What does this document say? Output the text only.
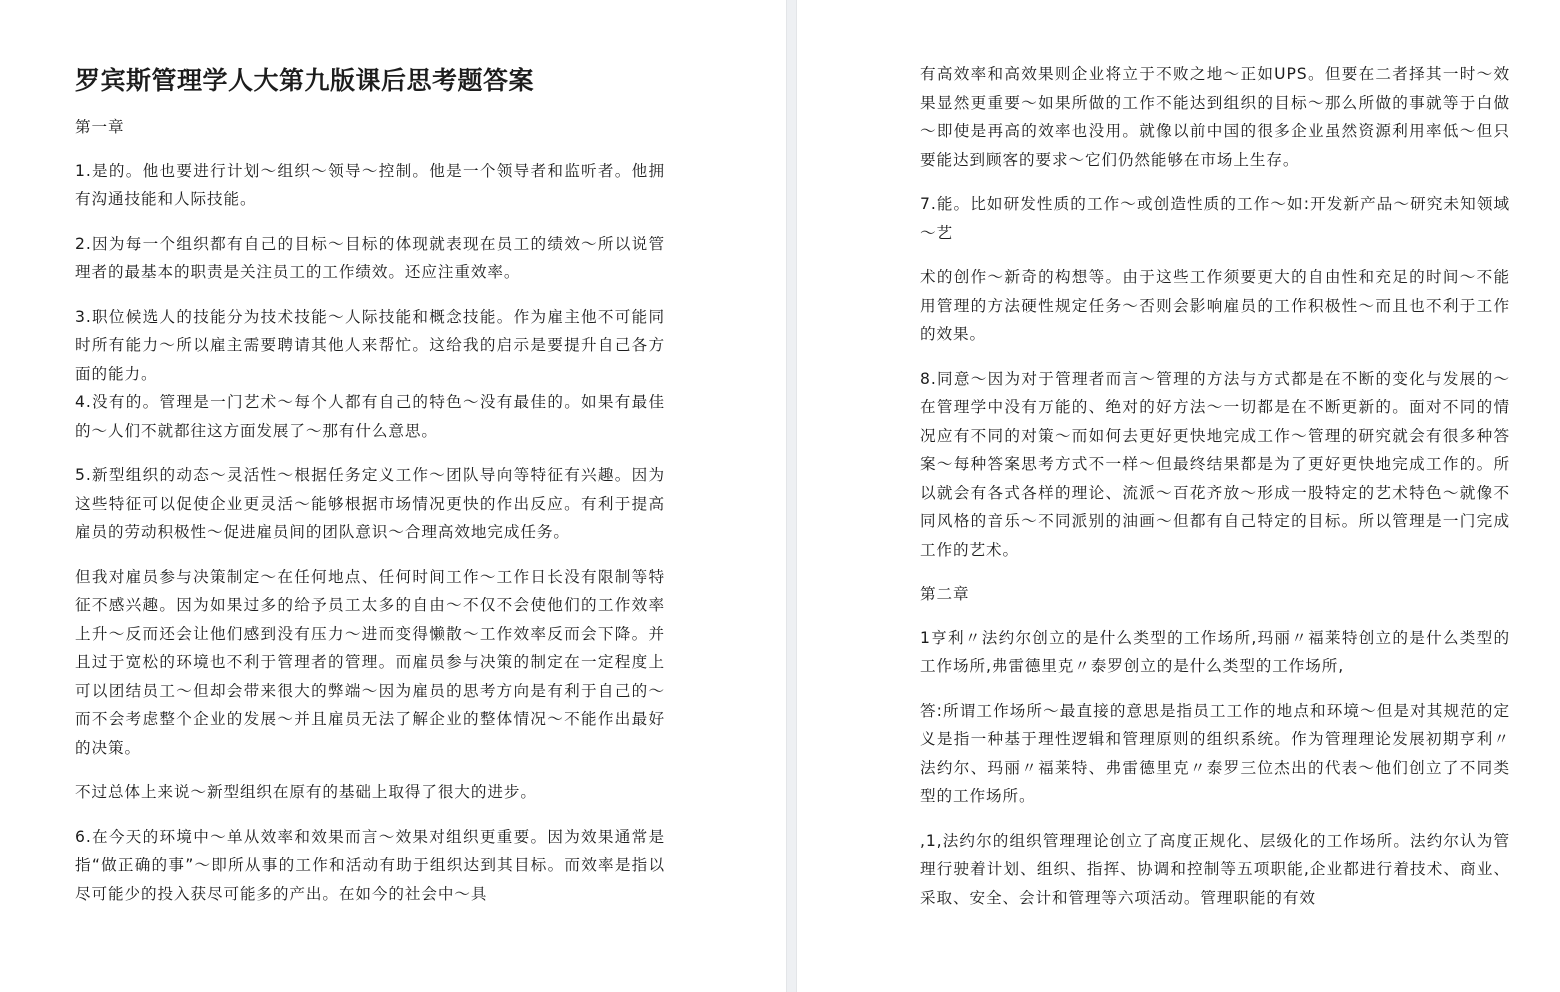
罗宾斯管理学人大第九版课后思考题答案
第一章
1.是的。他也要进行计划～组织～领导～控制。他是一个领导者和监听者。他拥有沟通技能和人际技能。
2.因为每一个组织都有自己的目标～目标的体现就表现在员工的绩效～所以说管理者的最基本的职责是关注员工的工作绩效。还应注重效率。
3.职位候选人的技能分为技术技能～人际技能和概念技能。作为雇主他不可能同时所有能力～所以雇主需要聘请其他人来帮忙。这给我的启示是要提升自己各方面的能力。
4.没有的。管理是一门艺术～每个人都有自己的特色～没有最佳的。如果有最佳的～人们不就都往这方面发展了～那有什么意思。
5.新型组织的动态～灵活性～根据任务定义工作～团队导向等特征有兴趣。因为这些特征可以促使企业更灵活～能够根据市场情况更快的作出反应。有利于提高雇员的劳动积极性～促进雇员间的团队意识～合理高效地完成任务。
但我对雇员参与决策制定～在任何地点、任何时间工作～工作日长没有限制等特征不感兴趣。因为如果过多的给予员工太多的自由～不仅不会使他们的工作效率上升～反而还会让他们感到没有压力～进而变得懒散～工作效率反而会下降。并且过于宽松的环境也不利于管理者的管理。而雇员参与决策的制定在一定程度上可以团结员工～但却会带来很大的弊端～因为雇员的思考方向是有利于自己的～而不会考虑整个企业的发展～并且雇员无法了解企业的整体情况～不能作出最好的决策。
不过总体上来说～新型组织在原有的基础上取得了很大的进步。
6.在今天的环境中～单从效率和效果而言～效果对组织更重要。因为效果通常是指“做正确的事”～即所从事的工作和活动有助于组织达到其目标。而效率是指以尽可能少的投入获尽可能多的产出。在如今的社会中～具
有高效率和高效果则企业将立于不败之地～正如UPS。但要在二者择其一时～效果显然更重要～如果所做的工作不能达到组织的目标～那么所做的事就等于白做～即使是再高的效率也没用。就像以前中国的很多企业虽然资源利用率低～但只要能达到顾客的要求～它们仍然能够在市场上生存。
7.能。比如研发性质的工作～或创造性质的工作～如:开发新产品～研究未知领域～艺
术的创作～新奇的构想等。由于这些工作须要更大的自由性和充足的时间～不能用管理的方法硬性规定任务～否则会影响雇员的工作积极性～而且也不利于工作的效果。
8.同意～因为对于管理者而言～管理的方法与方式都是在不断的变化与发展的～在管理学中没有万能的、绝对的好方法～一切都是在不断更新的。面对不同的情况应有不同的对策～而如何去更好更快地完成工作～管理的研究就会有很多种答案～每种答案思考方式不一样～但最终结果都是为了更好更快地完成工作的。所以就会有各式各样的理论、流派～百花齐放～形成一股特定的艺术特色～就像不同风格的音乐～不同派别的油画～但都有自己特定的目标。所以管理是一门完成工作的艺术。
第二章
1亨利〃法约尔创立的是什么类型的工作场所,玛丽〃福莱特创立的是什么类型的工作场所,弗雷德里克〃泰罗创立的是什么类型的工作场所,
答:所谓工作场所～最直接的意思是指员工工作的地点和环境～但是对其规范的定义是指一种基于理性逻辑和管理原则的组织系统。作为管理理论发展初期亨利〃法约尔、玛丽〃福莱特、弗雷德里克〃泰罗三位杰出的代表～他们创立了不同类型的工作场所。
,1,法约尔的组织管理理论创立了高度正规化、层级化的工作场所。法约尔认为管理行驶着计划、组织、指挥、协调和控制等五项职能,企业都进行着技术、商业、采取、安全、会计和管理等六项活动。管理职能的有效
